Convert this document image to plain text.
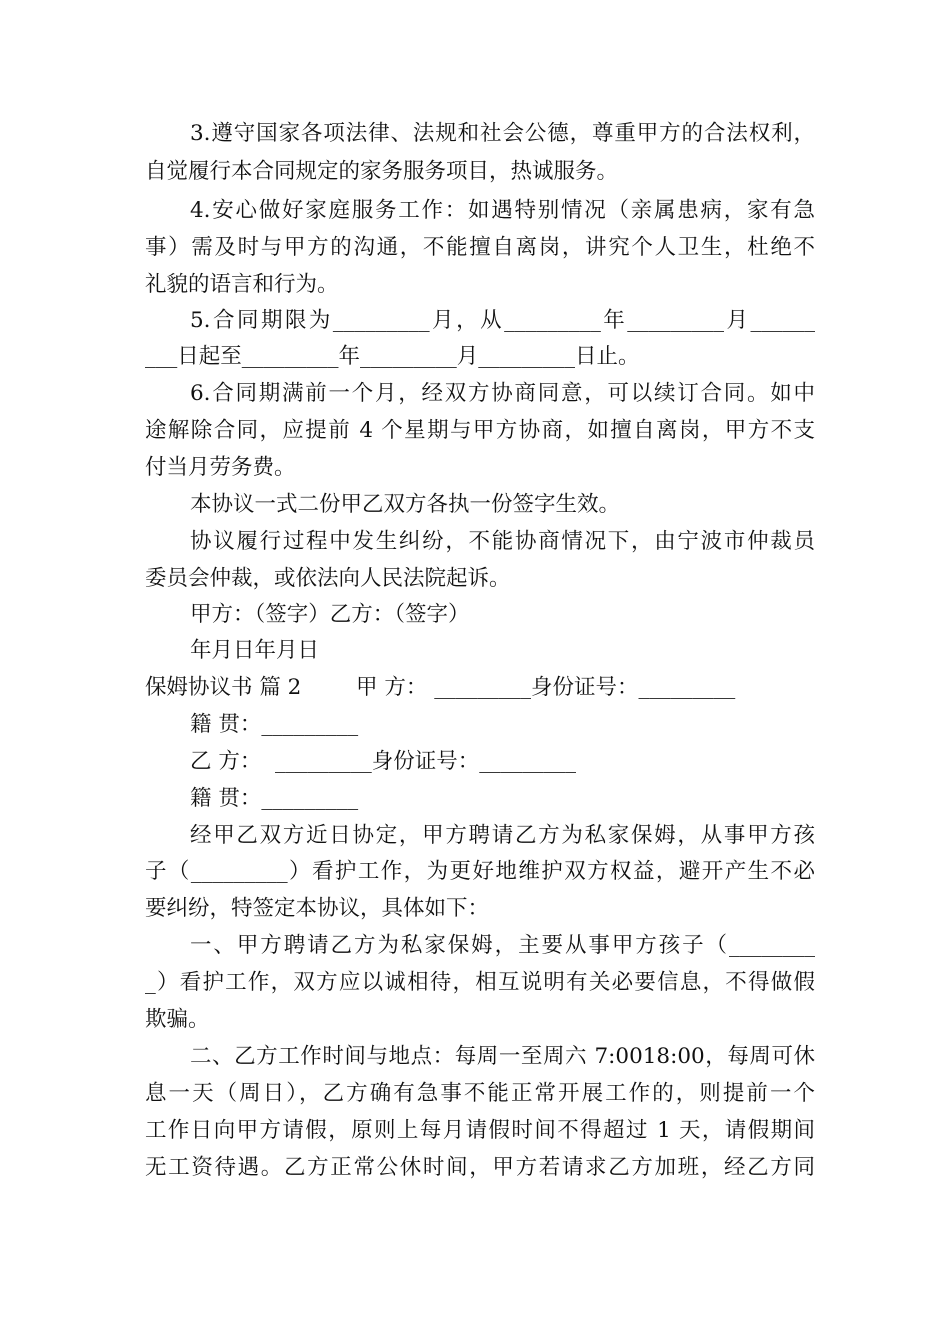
3.遵守国家各项法律、法规和社会公德，尊重甲方的合法权利，
自觉履行本合同规定的家务服务项目，热诚服务。
4.安心做好家庭服务工作：如遇特别情况（亲属患病，家有急
事）需及时与甲方的沟通，不能擅自离岗，讲究个人卫生，杜绝不
礼貌的语言和行为。
5.合同期限为_________月，从_________年_________月______
___日起至_________年_________月_________日止。
6.合同期满前一个月，经双方协商同意，可以续订合同。如中
途解除合同，应提前 4 个星期与甲方协商，如擅自离岗，甲方不支
付当月劳务费。
本协议一式二份甲乙双方各执一份签字生效。
协议履行过程中发生纠纷，不能协商情况下，由宁波市仲裁员
委员会仲裁，或依法向人民法院起诉。
甲方：（签字）乙方：（签字）
年月日年月日
保姆协议书 篇 2        甲 方： _________身份证号：_________
籍 贯：_________
乙 方：  _________身份证号：_________
籍 贯：_________
经甲乙双方近日协定，甲方聘请乙方为私家保姆，从事甲方孩
子（_________）看护工作，为更好地维护双方权益，避开产生不必
要纠纷，特签定本协议，具体如下：
一、甲方聘请乙方为私家保姆，主要从事甲方孩子（________
_）看护工作，双方应以诚相待，相互说明有关必要信息，不得做假
欺骗。
二、乙方工作时间与地点：每周一至周六 7:0018:00，每周可休
息一天（周日），乙方确有急事不能正常开展工作的，则提前一个
工作日向甲方请假，原则上每月请假时间不得超过 1 天，请假期间
无工资待遇。乙方正常公休时间，甲方若请求乙方加班，经乙方同
